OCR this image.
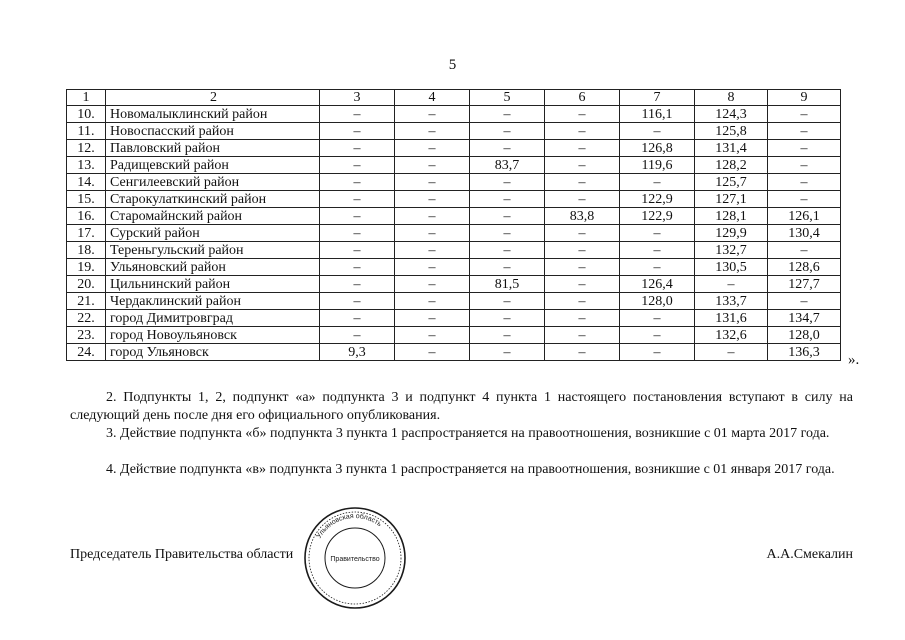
5
1	2	3	4	5	6	7	8	9
10.	Новомалыклинский район	–	–	–	–	116,1	124,3	–
11.	Новоспасский район	–	–	–	–	–	125,8	–
12.	Павловский район	–	–	–	–	126,8	131,4	–
13.	Радищевский район	–	–	83,7	–	119,6	128,2	–
14.	Сенгилеевский район	–	–	–	–	–	125,7	–
15.	Старокулаткинский район	–	–	–	–	122,9	127,1	–
16.	Старомайнский район	–	–	–	83,8	122,9	128,1	126,1
17.	Сурский район	–	–	–	–	–	129,9	130,4
18.	Тереньгульский район	–	–	–	–	–	132,7	–
19.	Ульяновский район	–	–	–	–	–	130,5	128,6
20.	Цильнинский район	–	–	81,5	–	126,4	–	127,7
21.	Чердаклинский район	–	–	–	–	128,0	133,7	–
22.	город Димитровград	–	–	–	–	–	131,6	134,7
23.	город Новоульяновск	–	–	–	–	–	132,6	128,0
24.	город Ульяновск	9,3	–	–	–	–	–	136,3 ».
2. Подпункты 1, 2, подпункт «а» подпункта 3 и подпункт 4 пункта 1 настоящего постановления вступают в силу на следующий день после дня его официального опубликования.
3. Действие подпункта «б» подпункта 3 пункта 1 распространяется на правоотношения, возникшие с 01 марта 2017 года.
4. Действие подпункта «в» подпункта 3 пункта 1 распространяется на правоотношения, возникшие с 01 января 2017 года.
Председатель Правительства области	А.А.Смекалин
Ульяновская область
Правительство
